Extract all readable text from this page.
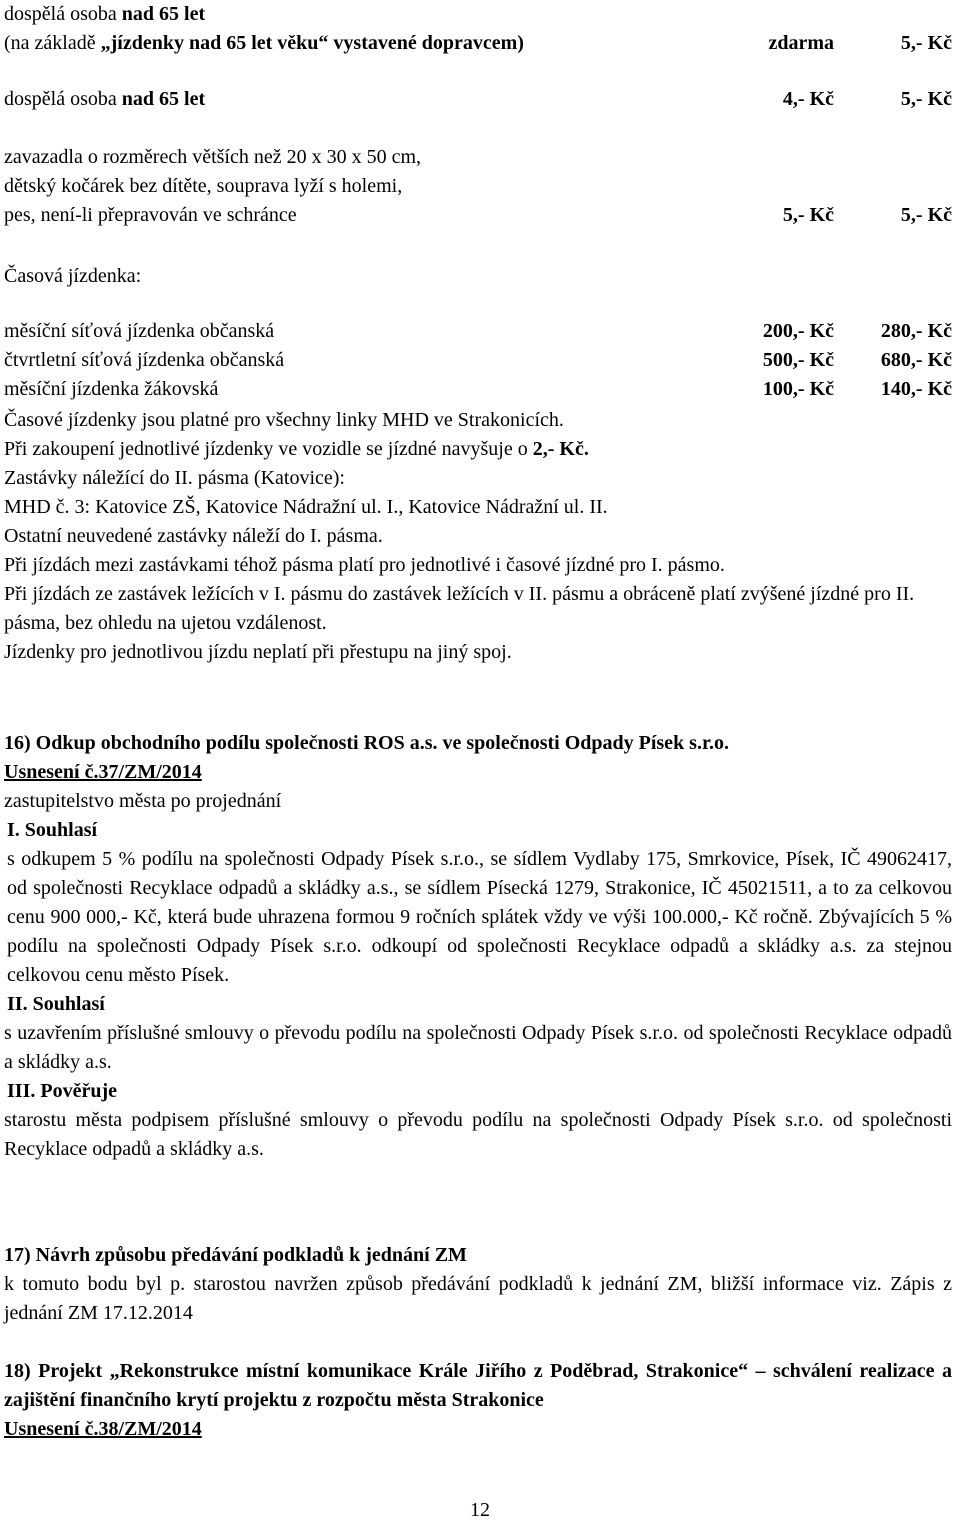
dospělá osoba nad 65 let
(na základě „jízdenky nad 65 let věku“ vystavené dopravcem)	zdarma	5,- Kč
dospělá osoba nad 65 let	4,- Kč	5,- Kč
zavazadla o rozměrech větších než 20 x 30 x 50 cm,
dětský kočárek bez dítěte, souprava lyží s holemi,
pes, není-li přepravován ve schránce	5,- Kč	5,- Kč
Časová jízdenka:
měsíční síťová jízdenka občanská	200,- Kč	280,- Kč
čtvrtletní síťová jízdenka občanská	500,- Kč	680,- Kč
měsíční jízdenka žákovská	100,- Kč	140,- Kč
Časové jízdenky jsou platné pro všechny linky MHD ve Strakonicích.
Při zakoupení jednotlivé jízdenky ve vozidle se jízdné navyšuje o 2,- Kč.
Zastávky náležící do II. pásma (Katovice):
MHD č. 3: Katovice ZŠ, Katovice Nádražní ul. I., Katovice Nádražní ul. II.
Ostatní neuvedené zastávky náleží do I. pásma.
Při jízdách mezi zastávkami téhož pásma platí pro jednotlivé i časové jízdné pro I. pásmo.
Při jízdách ze zastávek ležících v I. pásmu do zastávek ležících v II. pásmu a obráceně platí zvýšené jízdné pro II. pásma, bez ohledu na ujetou vzdálenost.
Jízdenky pro jednotlivou jízdu neplatí při přestupu na jiný spoj.
16) Odkup obchodního podílu společnosti ROS a.s. ve společnosti Odpady Písek s.r.o.
Usnesení č.37/ZM/2014
zastupitelstvo města po projednání
I. Souhlasí
s odkupem 5 % podílu na společnosti Odpady Písek s.r.o., se sídlem Vydlaby 175, Smrkovice, Písek, IČ 49062417, od společnosti Recyklace odpadů a skládky a.s., se sídlem Písecká 1279, Strakonice, IČ 45021511, a to za celkovou cenu 900 000,- Kč, která bude uhrazena formou 9 ročních splátek vždy ve výši 100.000,- Kč ročně. Zbývajících 5 % podílu na společnosti Odpady Písek s.r.o. odkoupí od společnosti Recyklace odpadů a skládky a.s. za stejnou celkovou cenu město Písek.
II. Souhlasí
s uzavřením příslušné smlouvy o převodu podílu na společnosti Odpady Písek s.r.o. od společnosti Recyklace odpadů a skládky a.s.
III. Pověřuje
starostu města podpisem příslušné smlouvy o převodu podílu na společnosti Odpady Písek s.r.o. od společnosti Recyklace odpadů a skládky a.s.
17) Návrh způsobu předávání podkladů k jednání ZM
k tomuto bodu byl p. starostou navržen způsob předávání podkladů k jednání ZM, bližší informace viz. Zápis z jednání ZM 17.12.2014
18) Projekt „Rekonstrukce místní komunikace Krále Jiřího z Poděbrad, Strakonice“ – schválení realizace a zajištění finančního krytí projektu z rozpočtu města Strakonice
Usnesení č.38/ZM/2014
12
